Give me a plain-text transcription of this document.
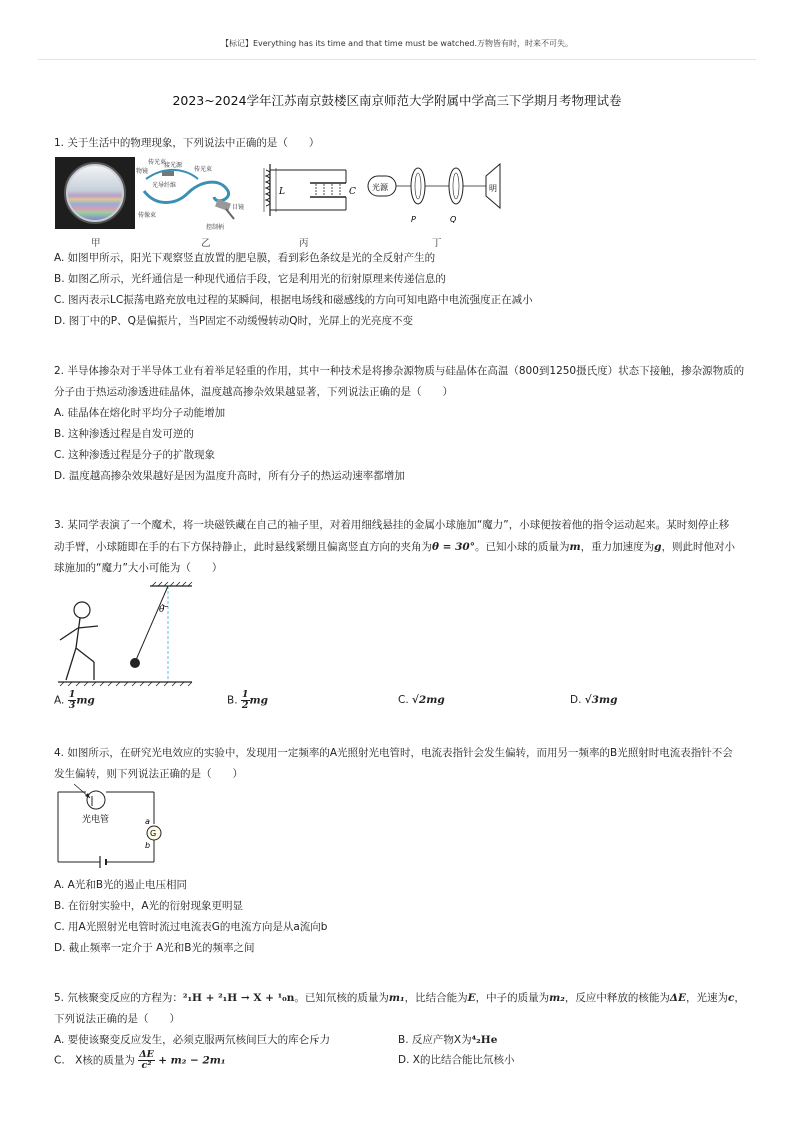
【标记】Everything has its time and that time must be watched.万物皆有时，时来不可失。
2023~2024学年江苏南京鼓楼区南京师范大学附属中学高三下学期月考物理试卷
1. 关于生活中的物理现象，下列说法中正确的是（　　）
传光束
接光源
传光束
光导纤维
物镜
目镜
传像束
控制柄
L	C 光源
P	Q
明
甲	乙	丙	丁
A. 如图甲所示，阳光下观察竖直放置的肥皂膜，看到彩色条纹是光的全反射产生的
B. 如图乙所示，光纤通信是一种现代通信手段，它是利用光的衍射原理来传递信息的
C. 图丙表示LC振荡电路充放电过程的某瞬间，根据电场线和磁感线的方向可知电路中电流强度正在减小
D. 图丁中的P、Q是偏振片，当P固定不动缓慢转动Q时，光屏上的光亮度不变
2. 半导体掺杂对于半导体工业有着举足轻重的作用，其中一种技术是将掺杂源物质与硅晶体在高温（800到1250摄氏度）状态下接触，掺杂源物质的
分子由于热运动渗透进硅晶体，温度越高掺杂效果越显著，下列说法正确的是（　　）
A. 硅晶体在熔化时平均分子动能增加
B. 这种渗透过程是自发可逆的
C. 这种渗透过程是分子的扩散现象
D. 温度越高掺杂效果越好是因为温度升高时，所有分子的热运动速率都增加
3. 某同学表演了一个魔术，将一块磁铁藏在自己的袖子里，对着用细线悬挂的金属小球施加“魔力”，小球便按着他的指令运动起来。某时刻停止移
动手臂，小球随即在手的右下方保持静止，此时悬线紧绷且偏离竖直方向的夹角为θ = 30°。已知小球的质量为m，重力加速度为g，则此时他对小
球施加的“魔力”大小可能为（　　）
θ
A. $\frac{1}{3}$ mg	B. $\frac{1}{2}$ mg	C. √2mg	D. √3mg
4. 如图所示，在研究光电效应的实验中，发现用一定频率的A光照射光电管时，电流表指针会发生偏转，而用另一频率的B光照射时电流表指针不会
发生偏转，则下列说法正确的是（　　）
光电管
G
a
b
A. A光和B光的遏止电压相同
B. 在衍射实验中，A光的衍射现象更明显
C. 用A光照射光电管时流过电流表G的电流方向是从a流向b
D. 截止频率一定介于 A光和B光的频率之间
5. 氘核聚变反应的方程为：²₁H + ²₁H → X + ¹₀n。已知氘核的质量为m₁，比结合能为E，中子的质量为m₂，反应中释放的核能为ΔE，光速为c，
下列说法正确的是（　　）
A. 要使该聚变反应发生，必须克服两氘核间巨大的库仑斥力	B. 反应产物X为⁴₂He
C.　X核的质量为 $\frac{\Delta E}{\text{c²}} + m_2 - 2m_1$	D. X的比结合能比氘核小
